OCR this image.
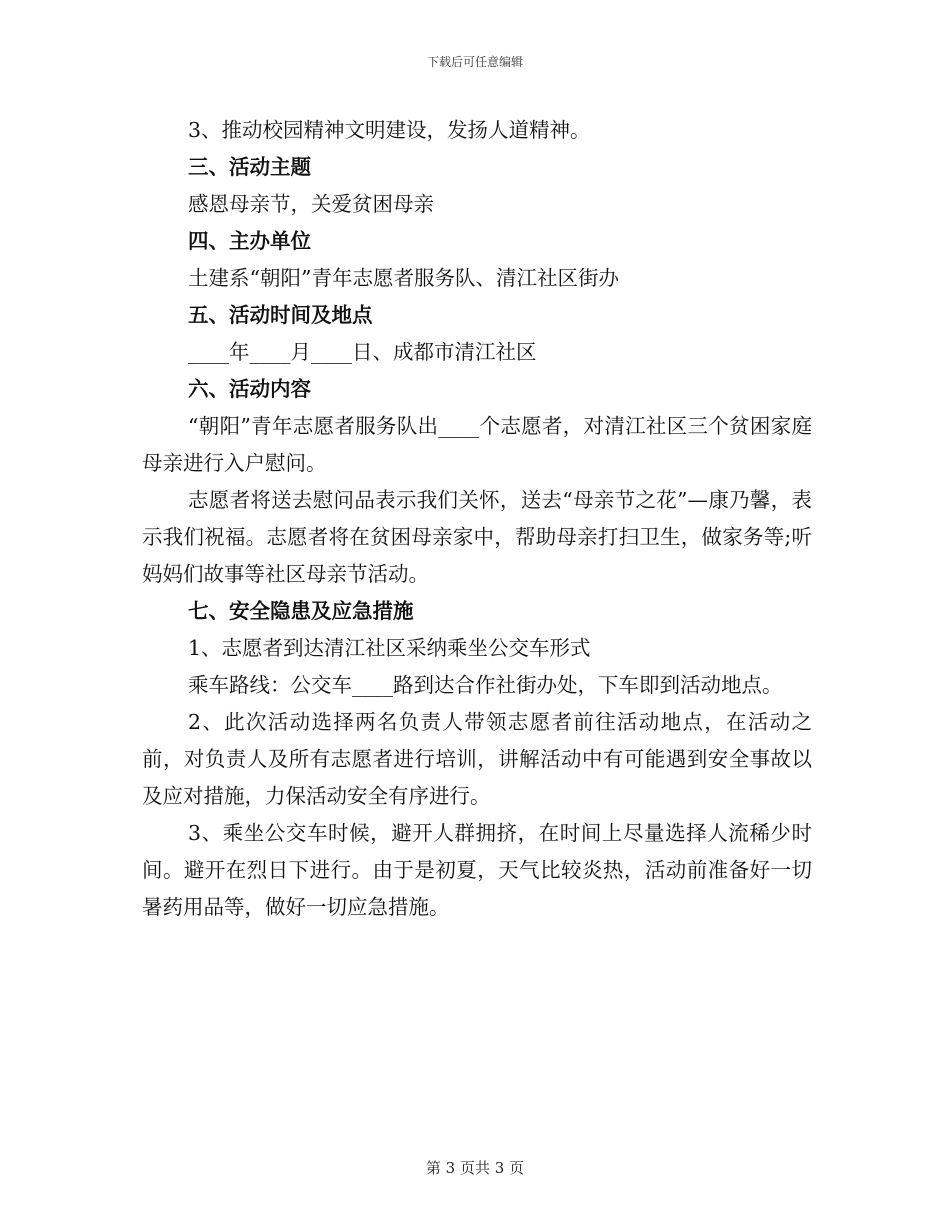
下载后可任意编辑

3、推动校园精神文明建设，发扬人道精神。

三、活动主题

感恩母亲节，关爱贫困母亲

四、主办单位

土建系“朝阳”青年志愿者服务队、清江社区街办

五、活动时间及地点

____年____月____日、成都市清江社区

六、活动内容

“朝阳”青年志愿者服务队出____个志愿者，对清江社区三个贫困家庭母亲进行入户慰问。

志愿者将送去慰问品表示我们关怀，送去“母亲节之花”—康乃馨，表示我们祝福。志愿者将在贫困母亲家中，帮助母亲打扫卫生，做家务等;听妈妈们故事等社区母亲节活动。

七、安全隐患及应急措施

1、志愿者到达清江社区采纳乘坐公交车形式

乘车路线：公交车____路到达合作社街办处，下车即到活动地点。

2、此次活动选择两名负责人带领志愿者前往活动地点，在活动之前，对负责人及所有志愿者进行培训，讲解活动中有可能遇到安全事故以及应对措施，力保活动安全有序进行。

3、乘坐公交车时候，避开人群拥挤，在时间上尽量选择人流稀少时间。避开在烈日下进行。由于是初夏，天气比较炎热，活动前准备好一切暑药用品等，做好一切应急措施。

第 3 页共 3 页
